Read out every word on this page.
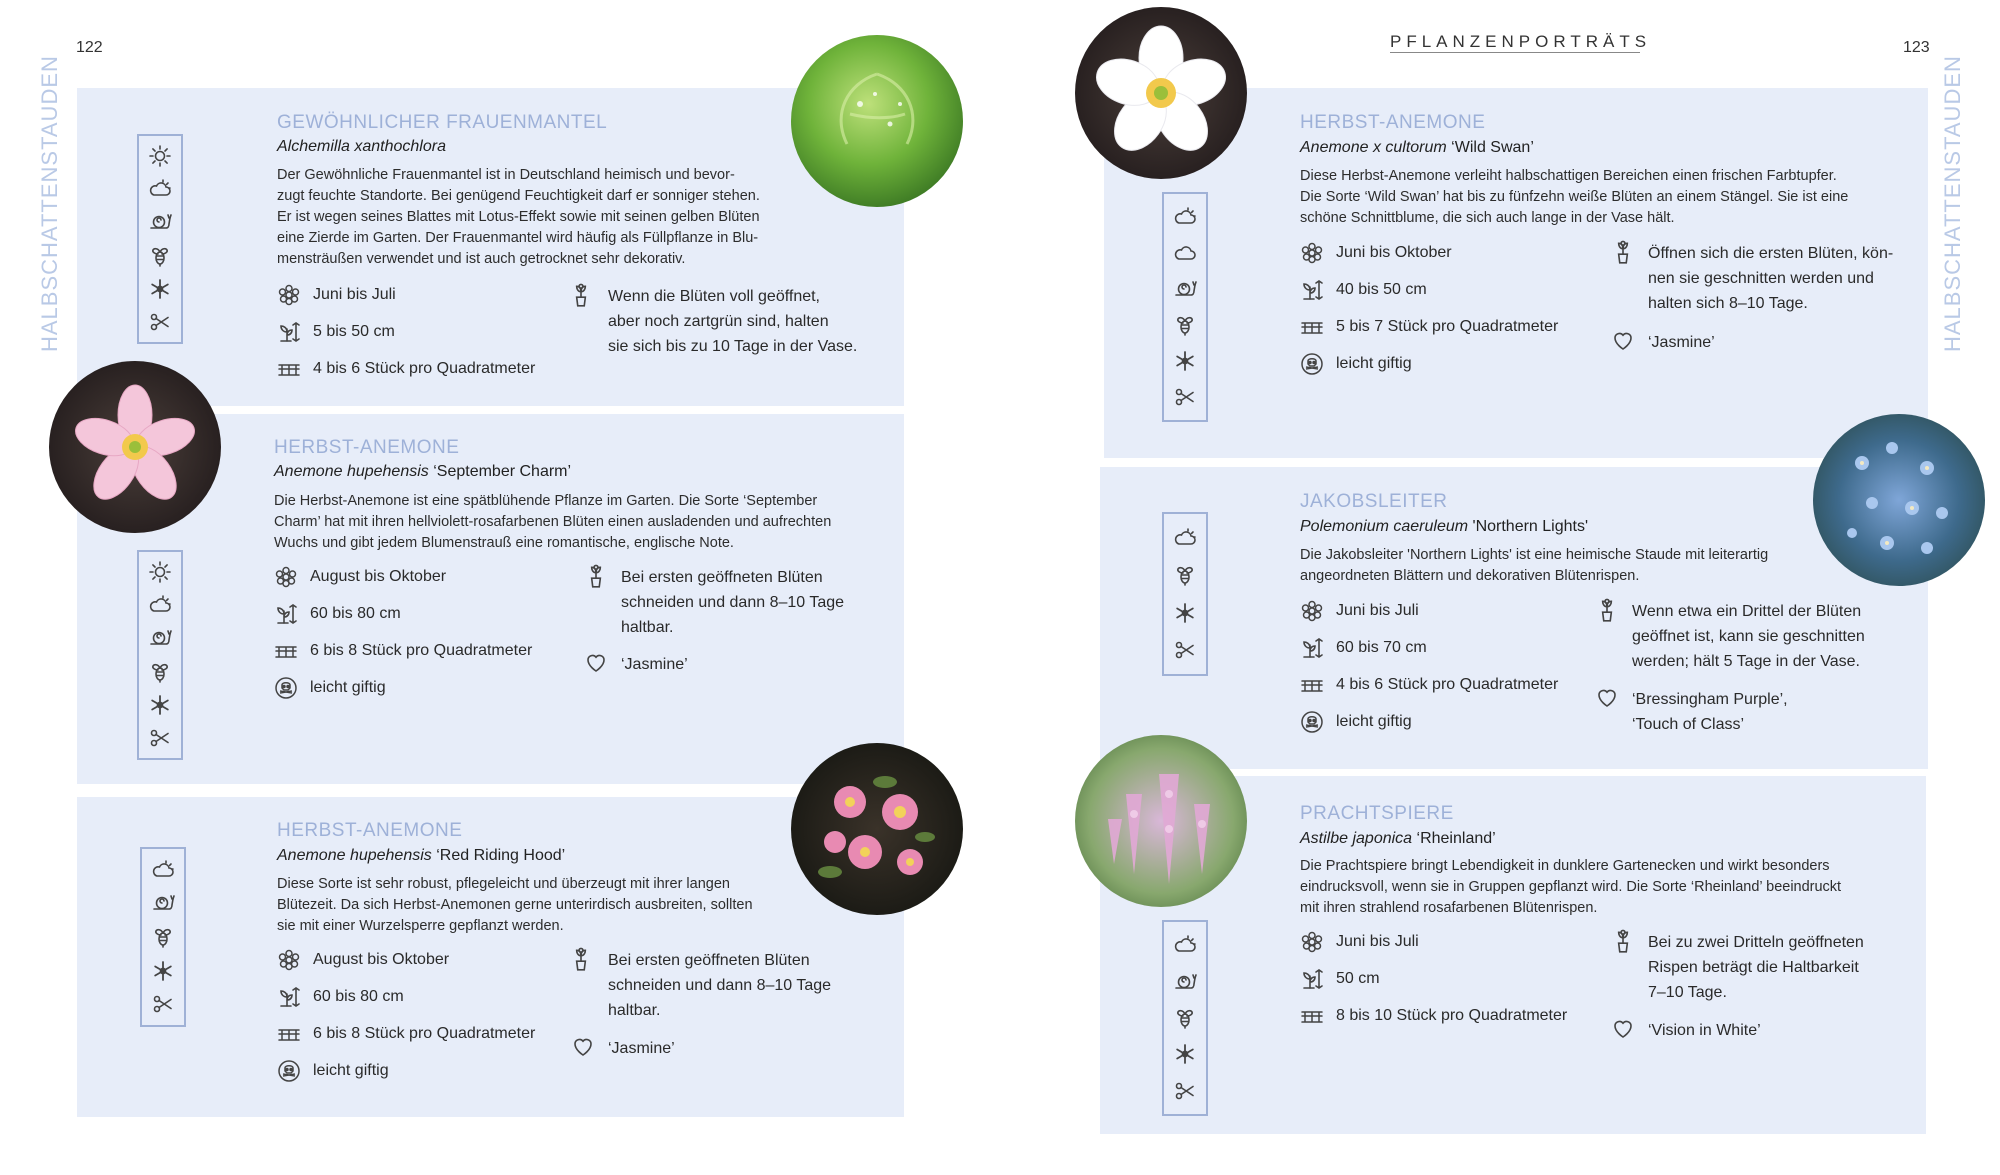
122	123
PFLANZENPORTRÄTS
HALBSCHATTENSTAUDEN	HALBSCHATTENSTAUDEN
GEWÖHNLICHER FRAUENMANTEL
Alchemilla xanthochlora
Der Gewöhnliche Frauenmantel ist in Deutschland heimisch und bevor-
zugt feuchte Standorte. Bei genügend Feuchtigkeit darf er sonniger stehen.
Er ist wegen seines Blattes mit Lotus-Effekt sowie mit seinen gelben Blüten
eine Zierde im Garten. Der Frauenmantel wird häufig als Füllpflanze in Blu-
mensträußen verwendet und ist auch getrocknet sehr dekorativ.
Juni bis Juli
5 bis 50 cm
4 bis 6 Stück pro Quadratmeter
Wenn die Blüten voll geöffnet,
aber noch zartgrün sind, halten
sie sich bis zu 10 Tage in der Vase.
HERBST-ANEMONE
Anemone hupehensis ‘September Charm’
Die Herbst-Anemone ist eine spätblühende Pflanze im Garten. Die Sorte ‘September
Charm’ hat mit ihren hellviolett-rosafarbenen Blüten einen ausladenden und aufrechten
Wuchs und gibt jedem Blumenstrauß eine romantische, englische Note.
August bis Oktober
60 bis 80 cm
6 bis 8 Stück pro Quadratmeter
leicht giftig
Bei ersten geöffneten Blüten
schneiden und dann 8–10 Tage
haltbar.
‘Jasmine’
HERBST-ANEMONE
Anemone hupehensis ‘Red Riding Hood’
Diese Sorte ist sehr robust, pflegeleicht und überzeugt mit ihrer langen
Blütezeit. Da sich Herbst-Anemonen gerne unterirdisch ausbreiten, sollten
sie mit einer Wurzelsperre gepflanzt werden.
August bis Oktober
60 bis 80 cm
6 bis 8 Stück pro Quadratmeter
leicht giftig
Bei ersten geöffneten Blüten
schneiden und dann 8–10 Tage
haltbar.
‘Jasmine’
HERBST-ANEMONE
Anemone x cultorum ‘Wild Swan’
Diese Herbst-Anemone verleiht halbschattigen Bereichen einen frischen Farbtupfer.
Die Sorte ‘Wild Swan’ hat bis zu fünfzehn weiße Blüten an einem Stängel. Sie ist eine
schöne Schnittblume, die sich auch lange in der Vase hält.
Juni bis Oktober
40 bis 50 cm
5 bis 7 Stück pro Quadratmeter
leicht giftig
Öffnen sich die ersten Blüten, kön-
nen sie geschnitten werden und
halten sich 8–10 Tage.
‘Jasmine’
JAKOBSLEITER
Polemonium caeruleum 'Northern Lights'
Die Jakobsleiter 'Northern Lights' ist eine heimische Staude mit leiterartig
angeordneten Blättern und dekorativen Blütenrispen.
Juni bis Juli
60 bis 70 cm
4 bis 6 Stück pro Quadratmeter
leicht giftig
Wenn etwa ein Drittel der Blüten
geöffnet ist, kann sie geschnitten
werden; hält 5 Tage in der Vase.
‘Bressingham Purple’,
‘Touch of Class’
PRACHTSPIERE
Astilbe japonica ‘Rheinland’
Die Prachtspiere bringt Lebendigkeit in dunklere Gartenecken und wirkt besonders
eindrucksvoll, wenn sie in Gruppen gepflanzt wird. Die Sorte ‘Rheinland’ beeindruckt
mit ihren strahlend rosafarbenen Blütenrispen.
Juni bis Juli
50 cm
8 bis 10 Stück pro Quadratmeter
Bei zu zwei Dritteln geöffneten
Rispen beträgt die Haltbarkeit
7–10 Tage.
‘Vision in White’
